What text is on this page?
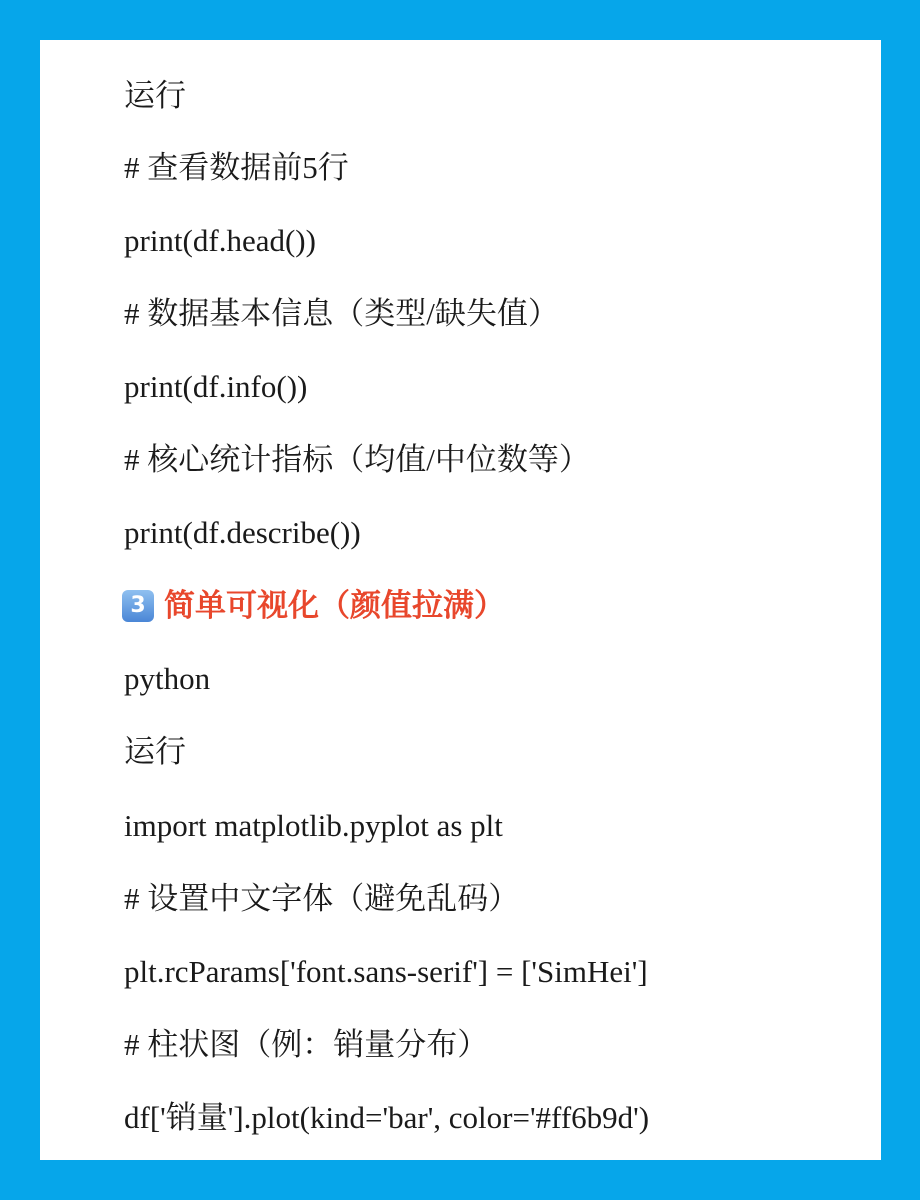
运行
# 查看数据前5行
print(df.head())
# 数据基本信息（类型/缺失值）
print(df.info())
# 核心统计指标（均值/中位数等）
print(df.describe())
3 简单可视化（颜值拉满）
python
运行
import matplotlib.pyplot as plt
# 设置中文字体（避免乱码）
plt.rcParams['font.sans-serif'] = ['SimHei']
# 柱状图（例：销量分布）
df['销量'].plot(kind='bar', color='#ff6b9d')
